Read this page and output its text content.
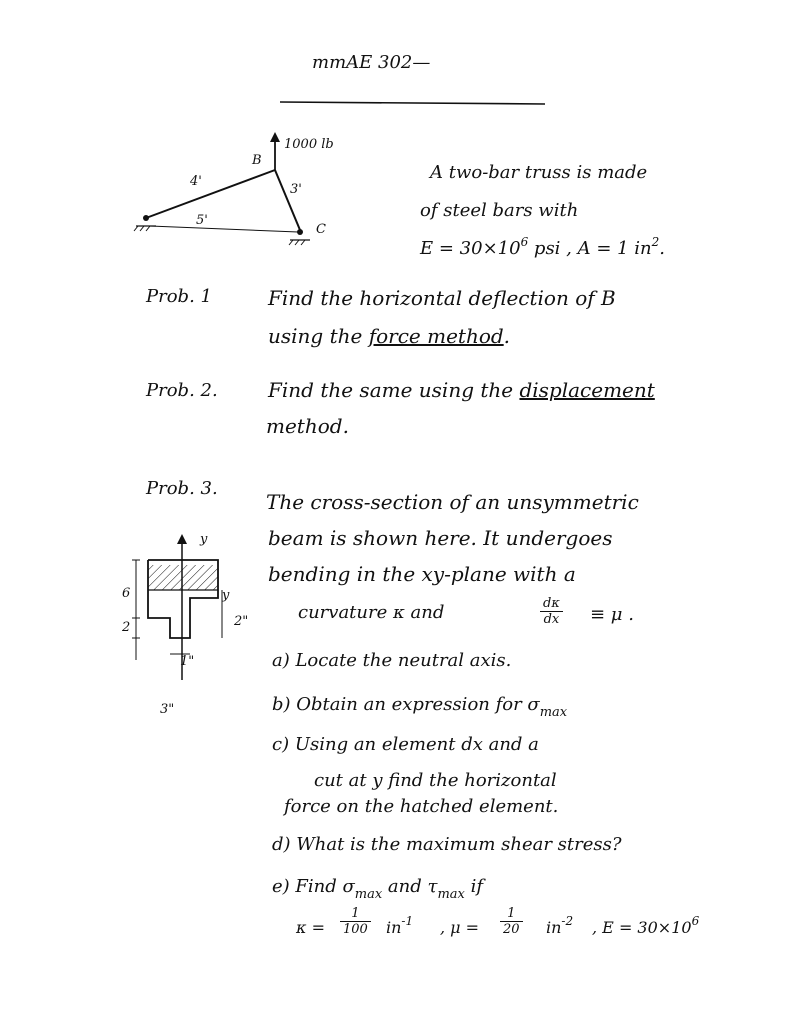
mmAE 302—
1000 lb
B
4'
3'
5'
C
A two-bar truss is made
of steel bars with
$E = 30\times 10^6$ psi , A = 1 $in^2$.
Prob. 1	Find the horizontal deflection of B
using the force method.
Prob. 2.	Find the same using the displacement
method.
Prob. 3.
The cross-section of an unsymmetric
beam is shown here. It undergoes
bending in the xy-plane with a
curvature κ and	$\frac{d\kappa}{dx} \equiv \mu$ .
y
y
6
2	2"
1"
3"
a) Locate the neutral axis.
b) Obtain an expression for $\sigma_{max}$
c) Using an element dx and a
cut at y find the horizontal
force on the hatched element.
d) What is the maximum shear stress?
e) Find $\sigma_{max}$ and $\tau_{max}$ if
$\kappa = \frac{1}{100} in^{-1}$ , $\mu = \frac{1}{20} in^{-2}$ , $E = 30\times 10^6$
